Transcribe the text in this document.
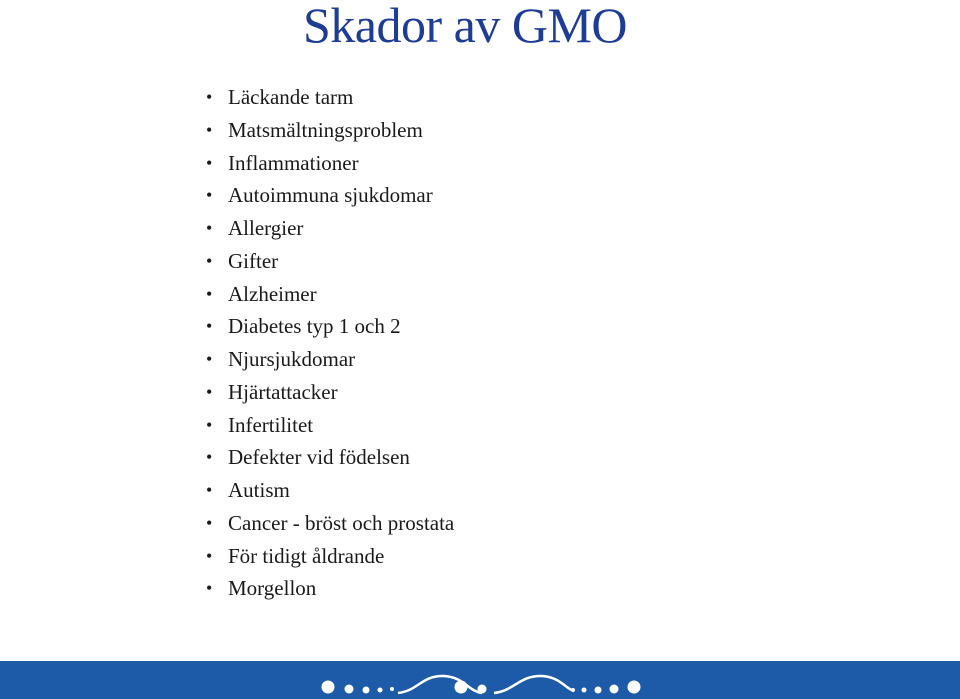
Skador av GMO
• Läckande tarm
• Matsmältningsproblem
• Inflammationer
• Autoimmuna sjukdomar
• Allergier
• Gifter
• Alzheimer
• Diabetes typ 1 och 2
• Njursjukdomar
• Hjärtattacker
• Infertilitet
• Defekter vid födelsen
• Autism
• Cancer - bröst och prostata
• För tidigt åldrande
• Morgellon
